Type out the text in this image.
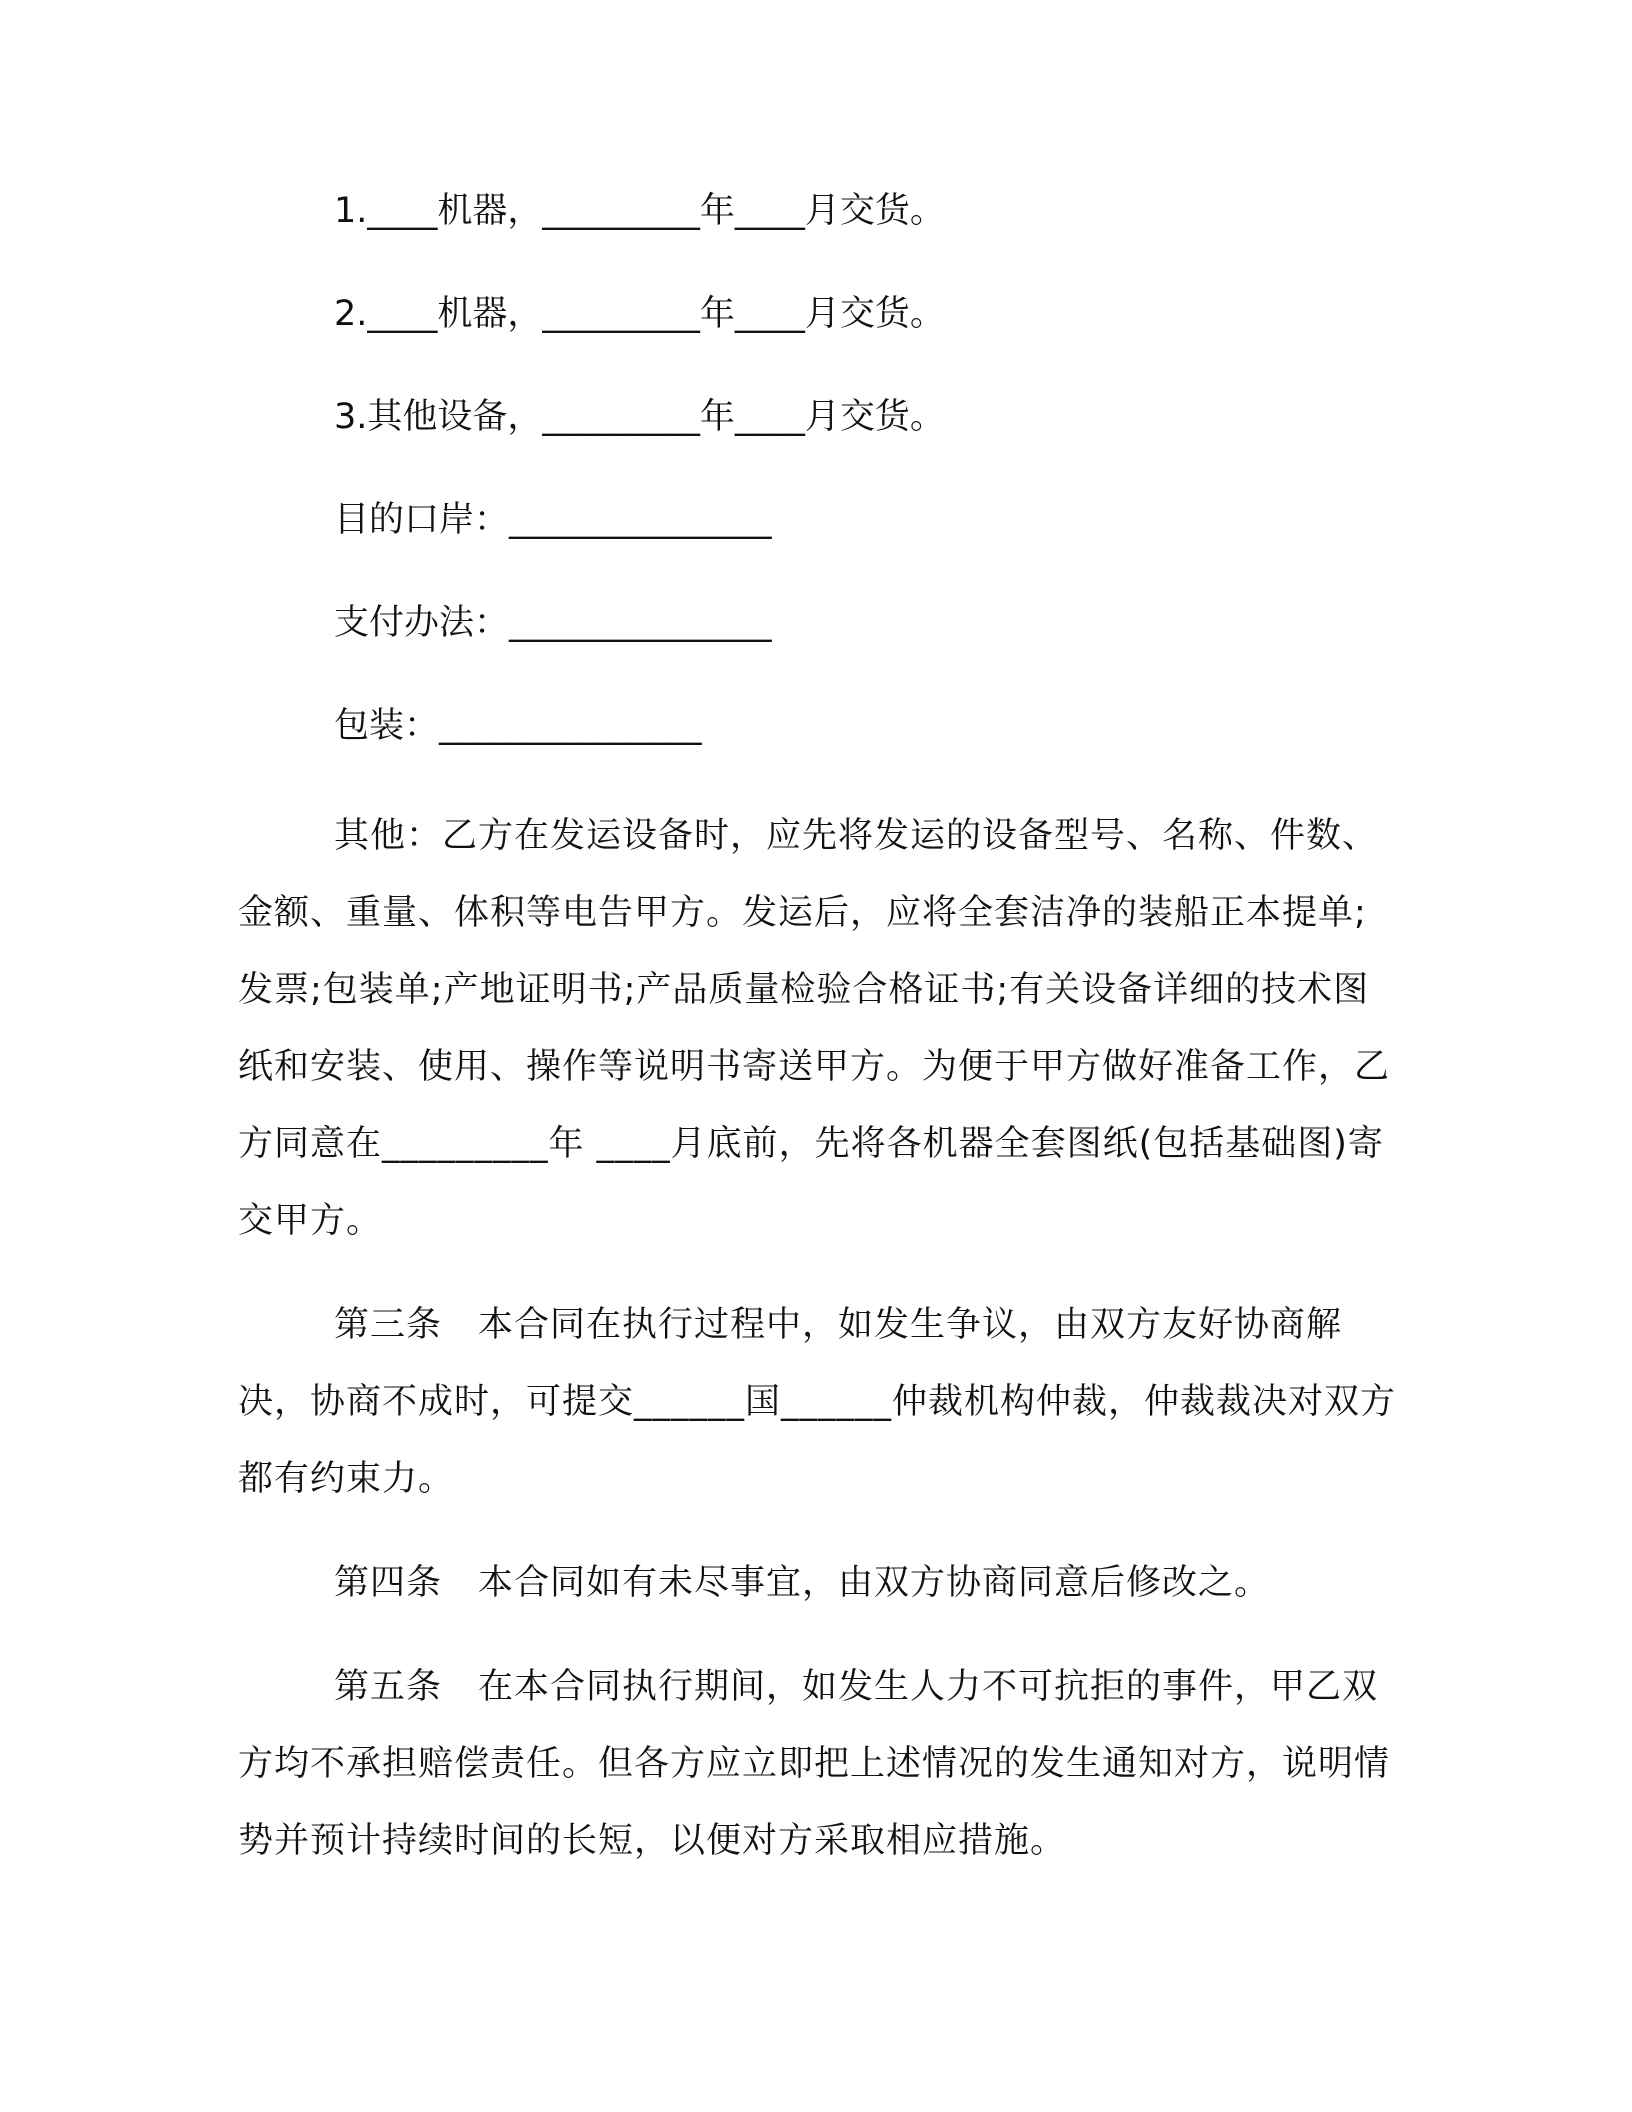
1.____机器，_________年____月交货。

2.____机器，_________年____月交货。

3.其他设备，_________年____月交货。

目的口岸：_______________

支付办法：_______________

包装：_______________

其他：乙方在发运设备时，应先将发运的设备型号、名称、件数、金额、重量、体积等电告甲方。发运后，应将全套洁净的装船正本提单;发票;包装单;产地证明书;产品质量检验合格证书;有关设备详细的技术图纸和安装、使用、操作等说明书寄送甲方。为便于甲方做好准备工作，乙方同意在_________年 ____月底前，先将各机器全套图纸(包括基础图)寄交甲方。

第三条　本合同在执行过程中，如发生争议，由双方友好协商解决，协商不成时，可提交______国______仲裁机构仲裁，仲裁裁决对双方都有约束力。

第四条　本合同如有未尽事宜，由双方协商同意后修改之。

第五条　在本合同执行期间，如发生人力不可抗拒的事件，甲乙双方均不承担赔偿责任。但各方应立即把上述情况的发生通知对方，说明情势并预计持续时间的长短，以便对方采取相应措施。
